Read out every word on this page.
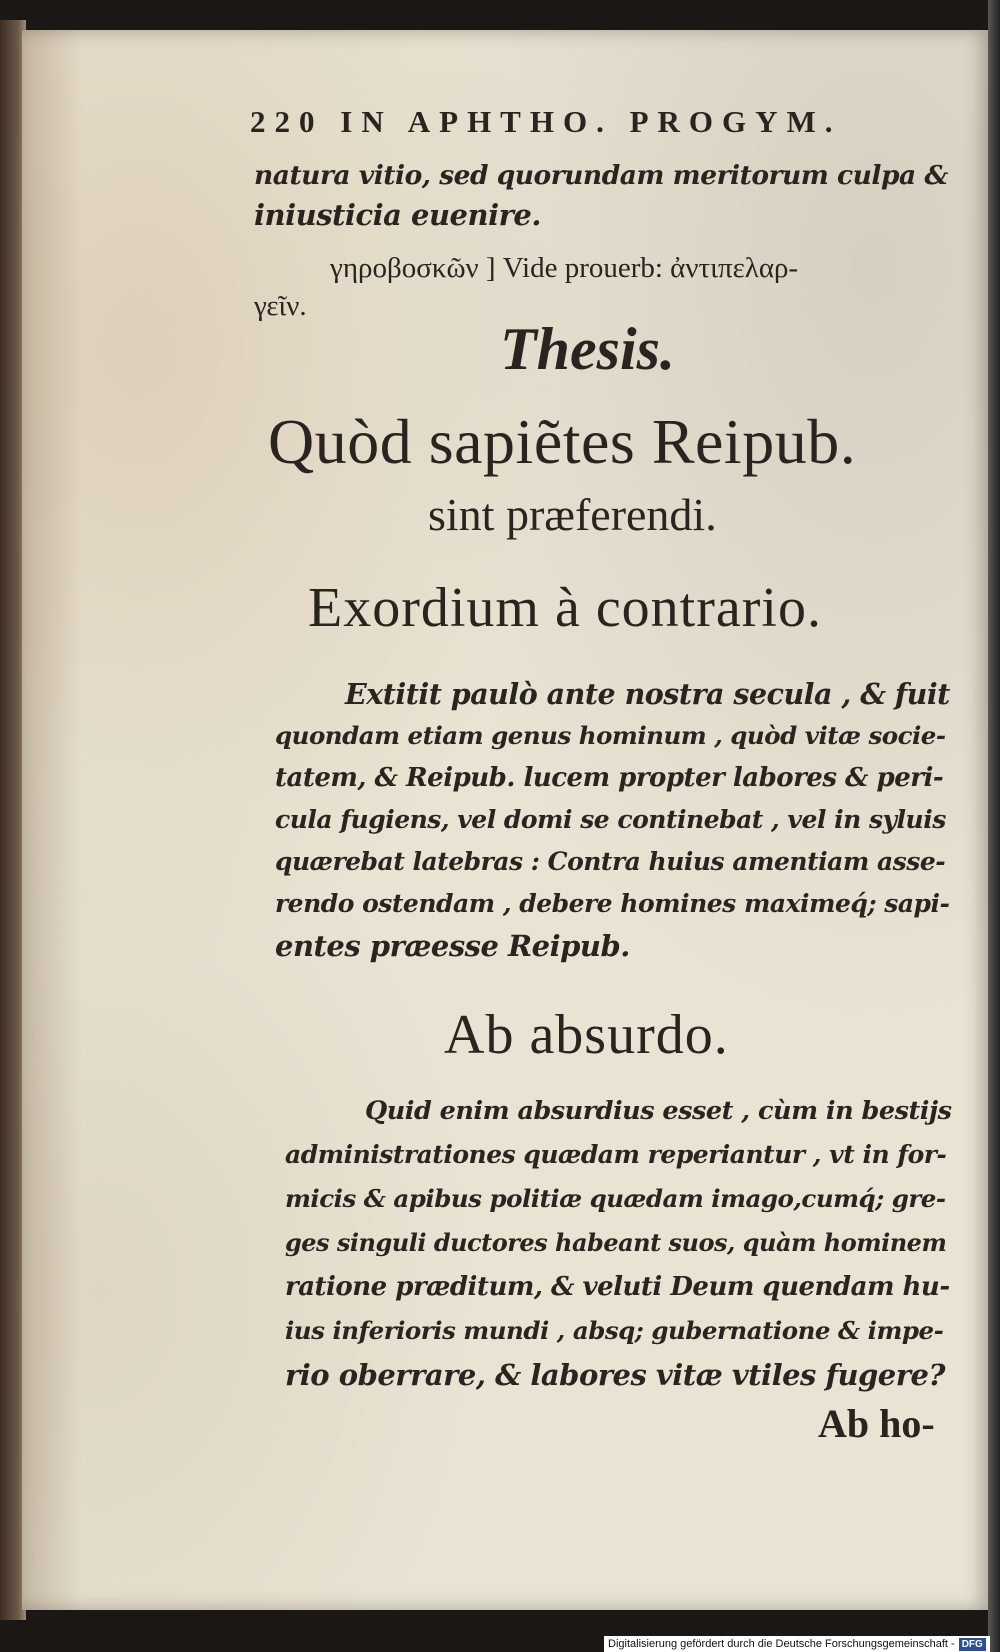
220 IN APHTHO. PROGYM.

natura vitio, sed quorundam meritorum culpa &

iniusticia euenire.

γηροβοσκῶν ] Vide prouerb: ἀντιπελαρ-

γεῖν.

Thesis.

Quòd sapiẽtes Reipub.

sint præferendi.

Exordium à contrario.

Extitit paulò ante nostra secula , & fuit

quondam etiam genus hominum , quòd vitæ socie-

tatem, & Reipub. lucem propter labores & peri-

cula fugiens, vel domi se continebat , vel in syluis

quærebat latebras : Contra huius amentiam asse-

rendo ostendam , debere homines maximeq́; sapi-

entes præesse Reipub.

Ab absurdo.

Quid enim absurdius esset , cùm in bestijs

administrationes quædam reperiantur , vt in for-

micis & apibus politiæ quædam imago,cumq́; gre-

ges singuli ductores habeant suos, quàm hominem

ratione præditum, & veluti Deum quendam hu-

ius inferioris mundi , absq; gubernatione & impe-

rio oberrare, & labores vitæ vtiles fugere?

Ab ho-

Digitalisierung gefördert durch die Deutsche Forschungsgemeinschaft - DFG
